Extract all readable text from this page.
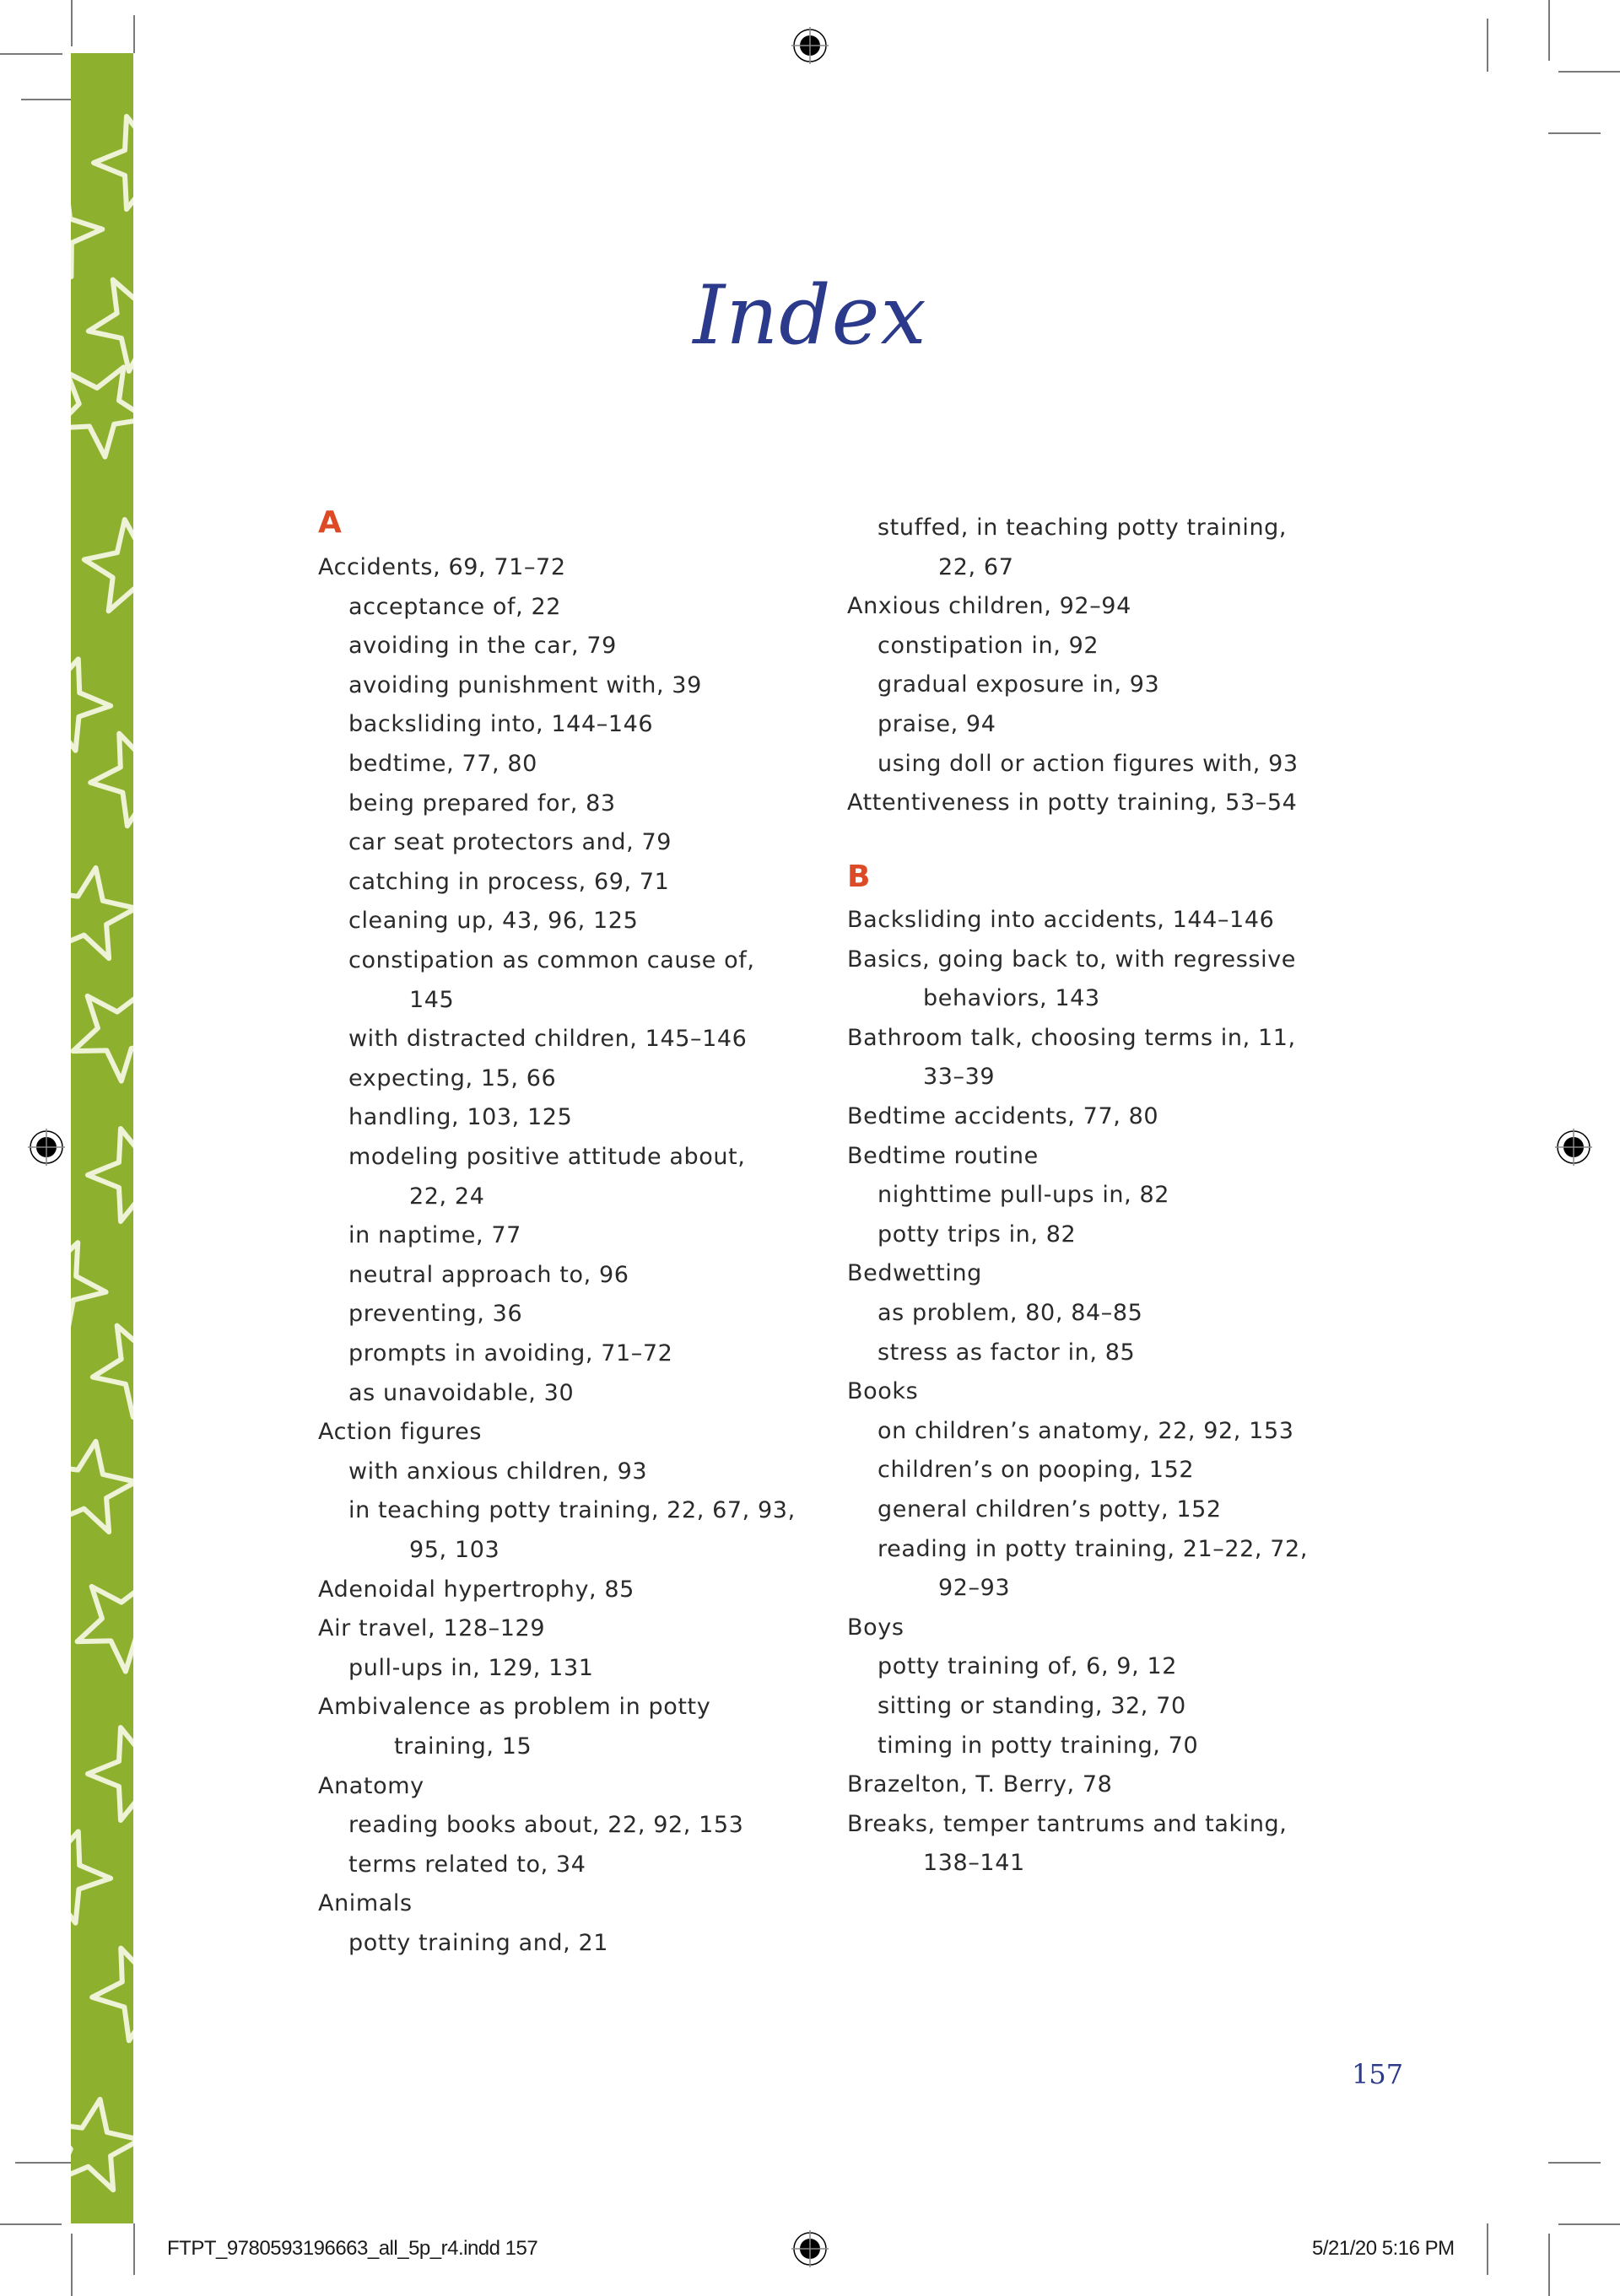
Index
A
Accidents, 69, 71–72
acceptance of, 22
avoiding in the car, 79
avoiding punishment with, 39
backsliding into, 144–146
bedtime, 77, 80
being prepared for, 83
car seat protectors and, 79
catching in process, 69, 71
cleaning up, 43, 96, 125
constipation as common cause of,
145
with distracted children, 145–146
expecting, 15, 66
handling, 103, 125
modeling positive attitude about,
22, 24
in naptime, 77
neutral approach to, 96
preventing, 36
prompts in avoiding, 71–72
as unavoidable, 30
Action figures
with anxious children, 93
in teaching potty training, 22, 67, 93,
95, 103
Adenoidal hypertrophy, 85
Air travel, 128–129
pull-ups in, 129, 131
Ambivalence as problem in potty
training, 15
Anatomy
reading books about, 22, 92, 153
terms related to, 34
Animals
potty training and, 21
stuffed, in teaching potty training,
22, 67
Anxious children, 92–94
constipation in, 92
gradual exposure in, 93
praise, 94
using doll or action figures with, 93
Attentiveness in potty training, 53–54
B
Backsliding into accidents, 144–146
Basics, going back to, with regressive
behaviors, 143
Bathroom talk, choosing terms in, 11,
33–39
Bedtime accidents, 77, 80
Bedtime routine
nighttime pull-ups in, 82
potty trips in, 82
Bedwetting
as problem, 80, 84–85
stress as factor in, 85
Books
on children’s anatomy, 22, 92, 153
children’s on pooping, 152
general children’s potty, 152
reading in potty training, 21–22, 72,
92–93
Boys
potty training of, 6, 9, 12
sitting or standing, 32, 70
timing in potty training, 70
Brazelton, T. Berry, 78
Breaks, temper tantrums and taking,
138–141
157
FTPT_9780593196663_all_5p_r4.indd 157	5/21/20 5:16 PM
